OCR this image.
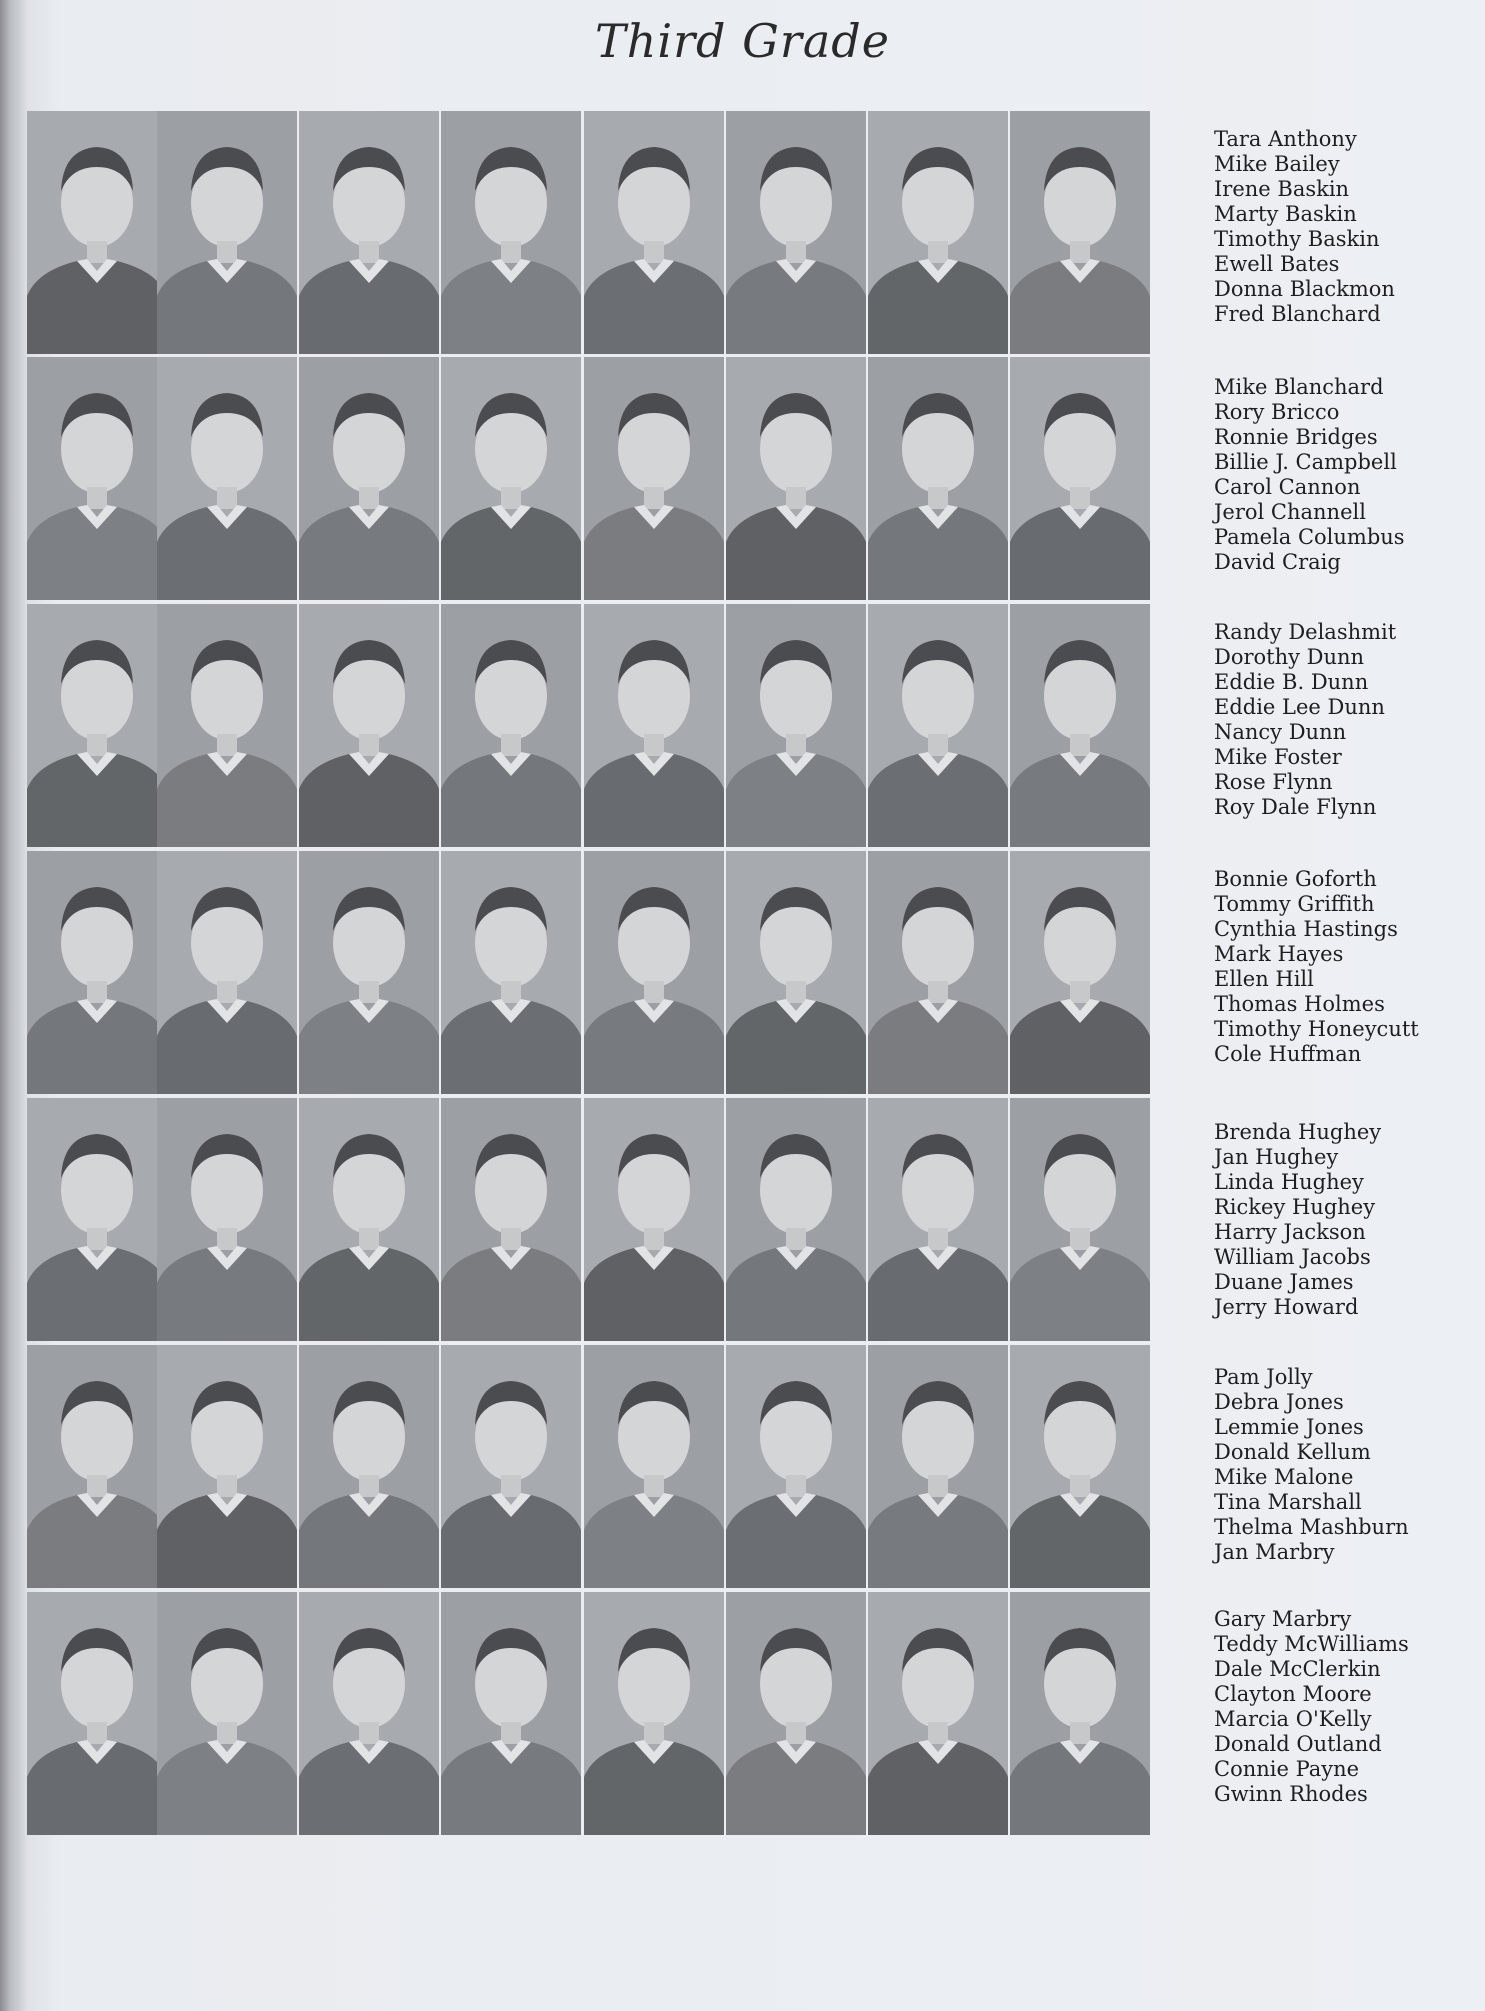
Third Grade
Tara Anthony
Mike Bailey
Irene Baskin
Marty Baskin
Timothy Baskin
Ewell Bates
Donna Blackmon
Fred Blanchard
Mike Blanchard
Rory Bricco
Ronnie Bridges
Billie J. Campbell
Carol Cannon
Jerol Channell
Pamela Columbus
David Craig
Randy Delashmit
Dorothy Dunn
Eddie B. Dunn
Eddie Lee Dunn
Nancy Dunn
Mike Foster
Rose Flynn
Roy Dale Flynn
Bonnie Goforth
Tommy Griffith
Cynthia Hastings
Mark Hayes
Ellen Hill
Thomas Holmes
Timothy Honeycutt
Cole Huffman
Brenda Hughey
Jan Hughey
Linda Hughey
Rickey Hughey
Harry Jackson
William Jacobs
Duane James
Jerry Howard
Pam Jolly
Debra Jones
Lemmie Jones
Donald Kellum
Mike Malone
Tina Marshall
Thelma Mashburn
Jan Marbry
Gary Marbry
Teddy McWilliams
Dale McClerkin
Clayton Moore
Marcia O'Kelly
Donald Outland
Connie Payne
Gwinn Rhodes
